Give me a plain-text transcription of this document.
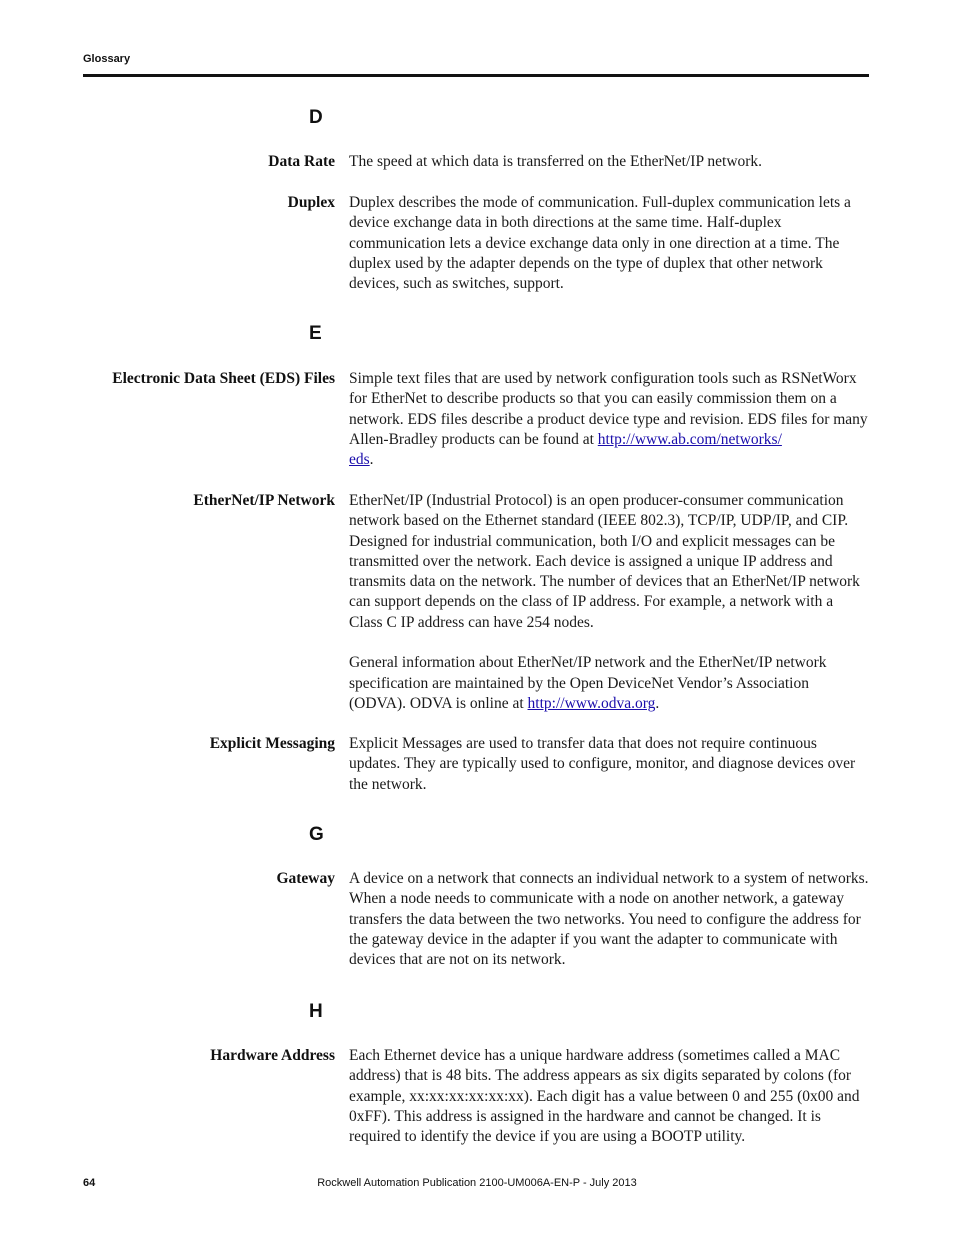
Glossary
D
Data Rate The speed at which data is transferred on the EtherNet/IP network.
Duplex Duplex describes the mode of communication. Full-duplex communication lets a device exchange data in both directions at the same time. Half-duplex communication lets a device exchange data only in one direction at a time. The duplex used by the adapter depends on the type of duplex that other network devices, such as switches, support.
E
Electronic Data Sheet (EDS) Files Simple text files that are used by network configuration tools such as RSNetWorx for EtherNet to describe products so that you can easily commission them on a network. EDS files describe a product device type and revision. EDS files for many Allen-Bradley products can be found at http://www.ab.com/networks/
eds.
EtherNet/IP Network EtherNet/IP (Industrial Protocol) is an open producer-consumer communication network based on the Ethernet standard (IEEE 802.3), TCP/IP, UDP/IP, and CIP. Designed for industrial communication, both I/O and explicit messages can be transmitted over the network. Each device is assigned a unique IP address and transmits data on the network. The number of devices that an EtherNet/IP network can support depends on the class of IP address. For example, a network with a Class C IP address can have 254 nodes.

General information about EtherNet/IP network and the EtherNet/IP network specification are maintained by the Open DeviceNet Vendor’s Association (ODVA). ODVA is online at http://www.odva.org.

Explicit Messaging Explicit Messages are used to transfer data that does not require continuous updates. They are typically used to configure, monitor, and diagnose devices over the network.
G
Gateway A device on a network that connects an individual network to a system of networks. When a node needs to communicate with a node on another network, a gateway transfers the data between the two networks. You need to configure the address for the gateway device in the adapter if you want the adapter to communicate with devices that are not on its network.
H
Hardware Address Each Ethernet device has a unique hardware address (sometimes called a MAC address) that is 48 bits. The address appears as six digits separated by colons (for example, xx:xx:xx:xx:xx:xx). Each digit has a value between 0 and 255 (0x00 and 0xFF). This address is assigned in the hardware and cannot be changed. It is required to identify the device if you are using a BOOTP utility.
64	Rockwell Automation Publication 2100-UM006A-EN-P - July 2013
